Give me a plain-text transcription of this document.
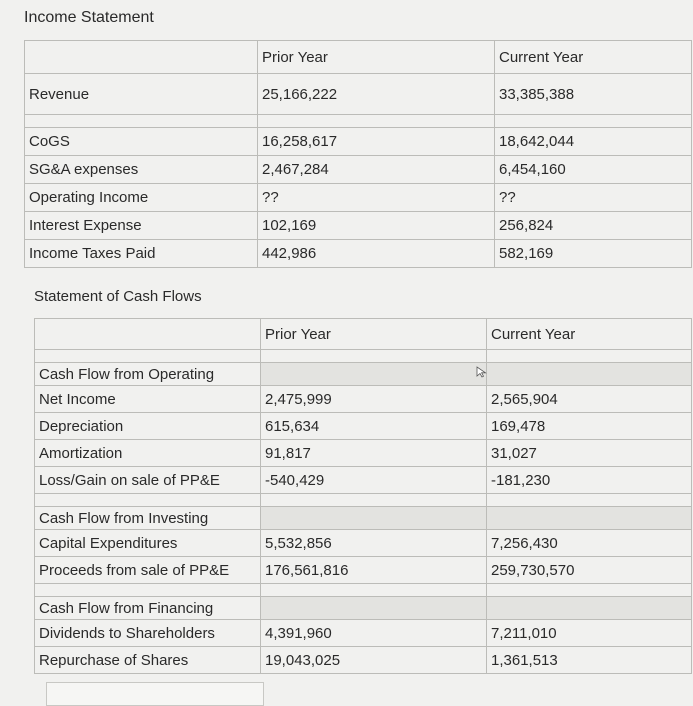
Income Statement
	Prior Year	Current Year
Revenue	25,166,222	33,385,388

CoGS	16,258,617	18,642,044
SG&A expenses	2,467,284	6,454,160
Operating Income	??	??
Interest Expense	102,169	256,824
Income Taxes Paid	442,986	582,169
Statement of Cash Flows
	Prior Year	Current Year

Cash Flow from Operating		
Net Income	2,475,999	2,565,904
Depreciation	615,634	169,478
Amortization	91,817	31,027
Loss/Gain on sale of PP&E	-540,429	-181,230

Cash Flow from Investing		
Capital Expenditures	5,532,856	7,256,430
Proceeds from sale of PP&E	176,561,816	259,730,570

Cash Flow from Financing		
Dividends to Shareholders	4,391,960	7,211,010
Repurchase of Shares	19,043,025	1,361,513
